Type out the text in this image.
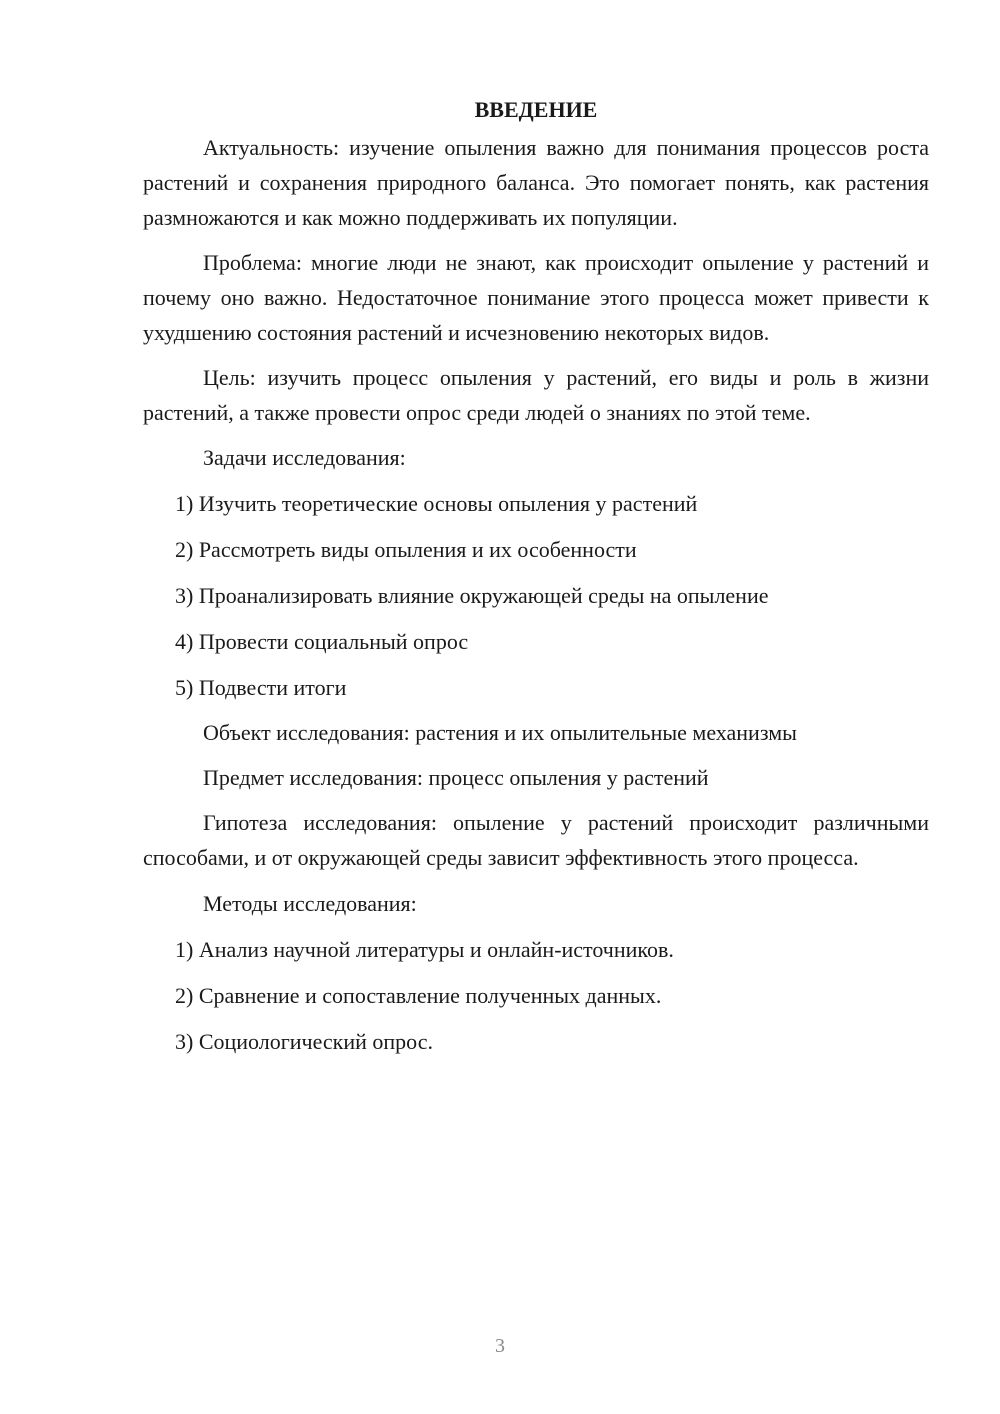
ВВЕДЕНИЕ

Актуальность: изучение опыления важно для понимания процессов роста растений и сохранения природного баланса. Это помогает понять, как растения размножаются и как можно поддерживать их популяции.

Проблема: многие люди не знают, как происходит опыление у растений и почему оно важно. Недостаточное понимание этого процесса может привести к ухудшению состояния растений и исчезновению некоторых видов.

Цель: изучить процесс опыления у растений, его виды и роль в жизни растений, а также провести опрос среди людей о знаниях по этой теме.

Задачи исследования:

1) Изучить теоретические основы опыления у растений
2) Рассмотреть виды опыления и их особенности
3) Проанализировать влияние окружающей среды на опыление
4) Провести социальный опрос
5) Подвести итоги

Объект исследования: растения и их опылительные механизмы

Предмет исследования: процесс опыления у растений

Гипотеза исследования: опыление у растений происходит различными способами, и от окружающей среды зависит эффективность этого процесса.

Методы исследования:

1) Анализ научной литературы и онлайн-источников.
2) Сравнение и сопоставление полученных данных.
3) Социологический опрос.
3
